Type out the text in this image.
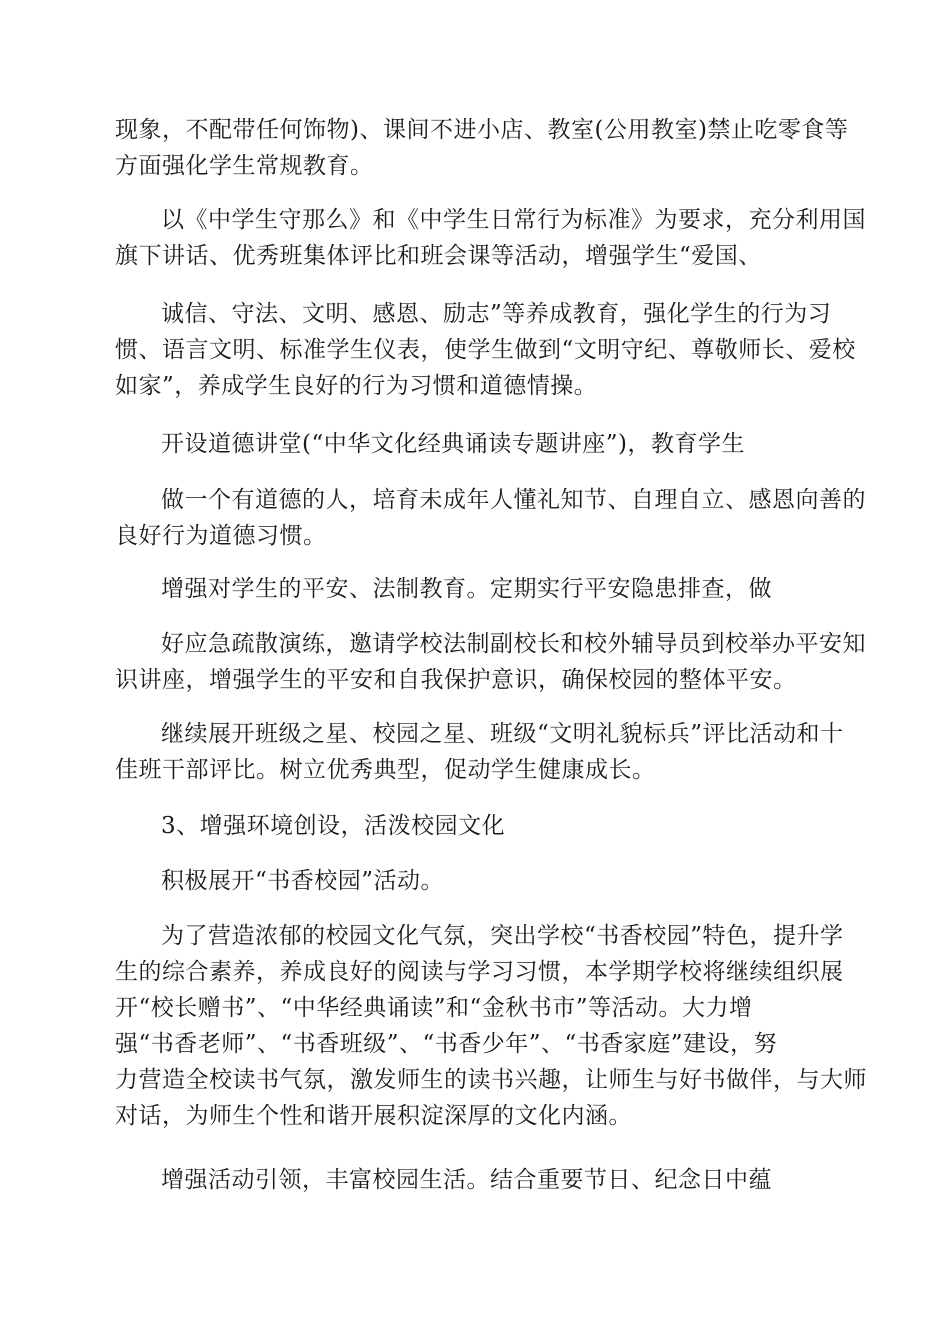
现象，不配带任何饰物)、课间不进小店、教室(公用教室)禁止吃零食等
方面强化学生常规教育。
以《中学生守那么》和《中学生日常行为标准》为要求，充分利用国
旗下讲话、优秀班集体评比和班会课等活动，增强学生“爱国、
诚信、守法、文明、感恩、励志”等养成教育，强化学生的行为习
惯、语言文明、标准学生仪表，使学生做到“文明守纪、尊敬师长、爱校
如家”，养成学生良好的行为习惯和道德情操。
开设道德讲堂(“中华文化经典诵读专题讲座”)，教育学生
做一个有道德的人，培育未成年人懂礼知节、自理自立、感恩向善的
良好行为道德习惯。
增强对学生的平安、法制教育。定期实行平安隐患排查，做
好应急疏散演练，邀请学校法制副校长和校外辅导员到校举办平安知
识讲座，增强学生的平安和自我保护意识，确保校园的整体平安。
继续展开班级之星、校园之星、班级“文明礼貌标兵”评比活动和十
佳班干部评比。树立优秀典型，促动学生健康成长。
3、增强环境创设，活泼校园文化
积极展开“书香校园”活动。
为了营造浓郁的校园文化气氛，突出学校“书香校园”特色，提升学
生的综合素养，养成良好的阅读与学习习惯，本学期学校将继续组织展
开“校长赠书”、“中华经典诵读”和“金秋书市”等活动。大力增
强“书香老师”、“书香班级”、“书香少年”、“书香家庭”建设，努
力营造全校读书气氛，激发师生的读书兴趣，让师生与好书做伴，与大师
对话，为师生个性和谐开展积淀深厚的文化内涵。
增强活动引领，丰富校园生活。结合重要节日、纪念日中蕴
